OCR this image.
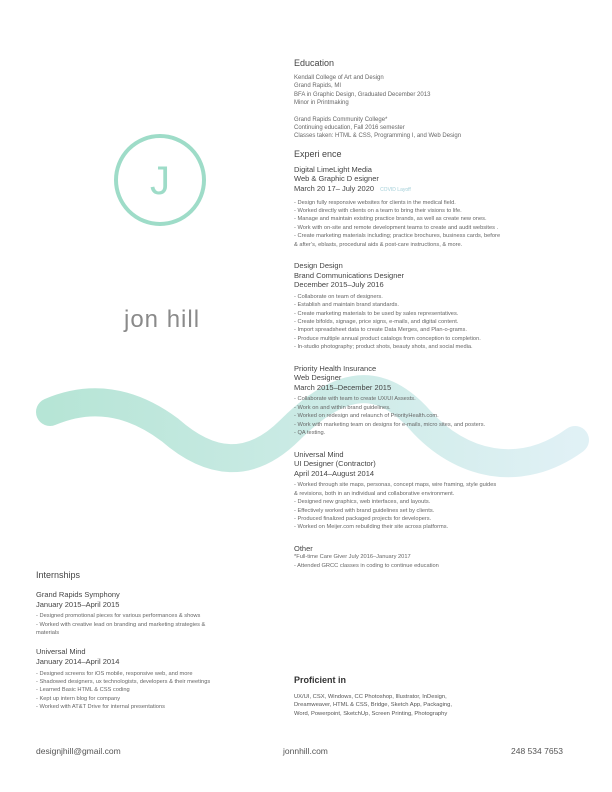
J
jon hill
Education
Kendall College of Art and Design
Grand Rapids, MI
BFA in Graphic Design, Graduated December 2013
Minor in Printmaking
Grand Rapids Community College*
Continuing education, Fall 2016 semester
Classes taken: HTML & CSS, Programming I, and Web Design
Experi ence
Digital LimeLight Media
Web & Graphic D esigner
March 20 17– July 2020 COVID Layoff
- Design fully responsive websites for clients in the medical field.
- Worked directly with clients on a team to bring their visions to life.
- Manage and maintain existing practice brands, as well as create new ones.
- Work with on-site and remote development teams to create and audit websites .
- Create marketing materials including; practice brochures, business cards, before
& after’s, eblasts, procedural aids & post-care instructions, & more.
Design Design
Brand Communications Designer
December 2015–July 2016
- Collaborate on team of designers.
- Establish and maintain brand standards.
- Create marketing materials to be used by sales representatives.
- Create bifolds, signage, price signs, e-mails, and digital content.
- Import spreadsheet data to create Data Merges, and Plan-o-grams.
- Produce multiple annual product catalogs from conception to completion.
- In-studio photography; product shots, beauty shots, and social media.
Priority Health Insurance
Web Designer
March 2015–December 2015
- Collaborate with team to create UX/UI Assests.
- Work on and within brand guidelines.
- Worked on redesign and relaunch of PriorityHealth.com.
- Work with marketing team on designs for e-mails, micro sites, and posters.
- QA testing.
Universal Mind
UI Designer (Contractor)
April 2014–August 2014
- Worked through site maps, personas, concept maps, wire framing, style guides
& revisions, both in an individual and collaborative environment.
- Designed new graphics, web interfaces, and layouts.
- Effectively worked with brand guidelines set by clients.
- Produced finalized packaged projects for developers.
- Worked on Meijer.com rebuilding their site across platforms.
Other
*Full-time Care Giver July 2016–January 2017
- Attended GRCC classes in coding to continue education
Proficient in
UX/UI, CSX, Windows, CC Photoshop, Illustrator, InDesign,
Dreamweaver, HTML & CSS, Bridge, Sketch App, Packaging,
Word, Powerpoint, SketchUp, Screen Printing, Photography
Internships
Grand Rapids Symphony
January 2015–April 2015
- Designed promotional pieces for various performances & shows
- Worked with creative lead on branding and marketing strategies &
materials
Universal Mind
January 2014–April 2014
- Designed screens for iOS mobile, responsive web, and more
- Shadowed designers, ux technologists, developers & their meetings
- Learned Basic HTML & CSS coding
- Kept up intern blog for company
- Worked with AT&T Drive for internal presentations

designjhill@gmail.com	jonnhill.com	248 534 7653
